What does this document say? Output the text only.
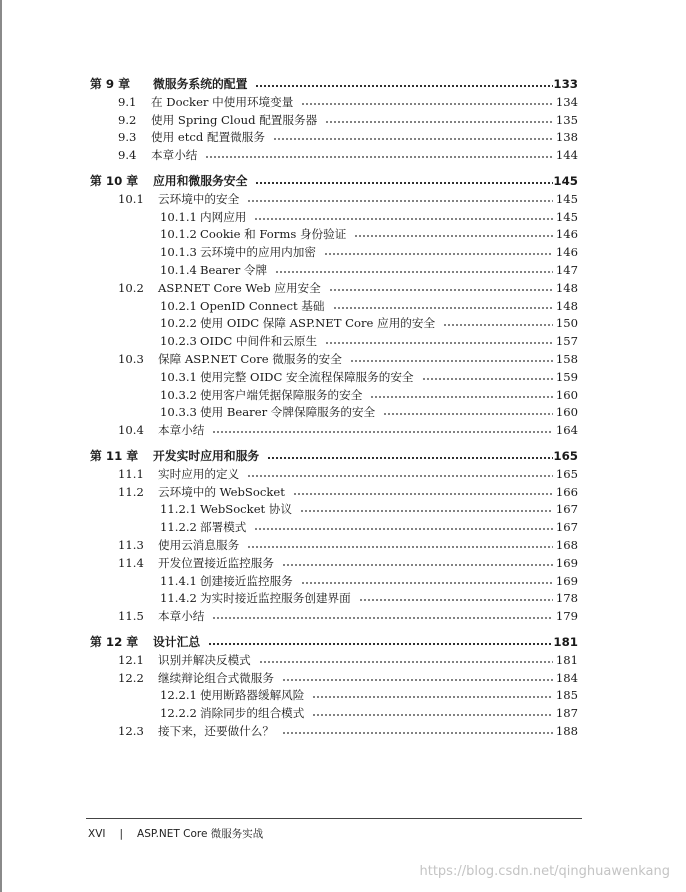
第 9 章 微服务系统的配置	133
9.1 在 Docker 中使用环境变量	134
9.2 使用 Spring Cloud 配置服务器	135
9.3 使用 etcd 配置微服务	138
9.4 本章小结	144
第 10 章 应用和微服务安全	145
10.1 云环境中的安全	145
10.1.1 内网应用	145
10.1.2 Cookie 和 Forms 身份验证	146
10.1.3 云环境中的应用内加密	146
10.1.4 Bearer 令牌	147
10.2 ASP.NET Core Web 应用安全	148
10.2.1 OpenID Connect 基础	148
10.2.2 使用 OIDC 保障 ASP.NET Core 应用的安全	150
10.2.3 OIDC 中间件和云原生	157
10.3 保障 ASP.NET Core 微服务的安全	158
10.3.1 使用完整 OIDC 安全流程保障服务的安全	159
10.3.2 使用客户端凭据保障服务的安全	160
10.3.3 使用 Bearer 令牌保障服务的安全	160
10.4 本章小结	164
第 11 章 开发实时应用和服务	165
11.1 实时应用的定义	165
11.2 云环境中的 WebSocket	166
11.2.1 WebSocket 协议	167
11.2.2 部署模式	167
11.3 使用云消息服务	168
11.4 开发位置接近监控服务	169
11.4.1 创建接近监控服务	169
11.4.2 为实时接近监控服务创建界面	178
11.5 本章小结	179
第 12 章 设计汇总	181
12.1 识别并解决反模式	181
12.2 继续辩论组合式微服务	184
12.2.1 使用断路器缓解风险	185
12.2.2 消除同步的组合模式	187
12.3 接下来，还要做什么？	188
XVI | ASP.NET Core 微服务实战
https://blog.csdn.net/qinghuawenkang
